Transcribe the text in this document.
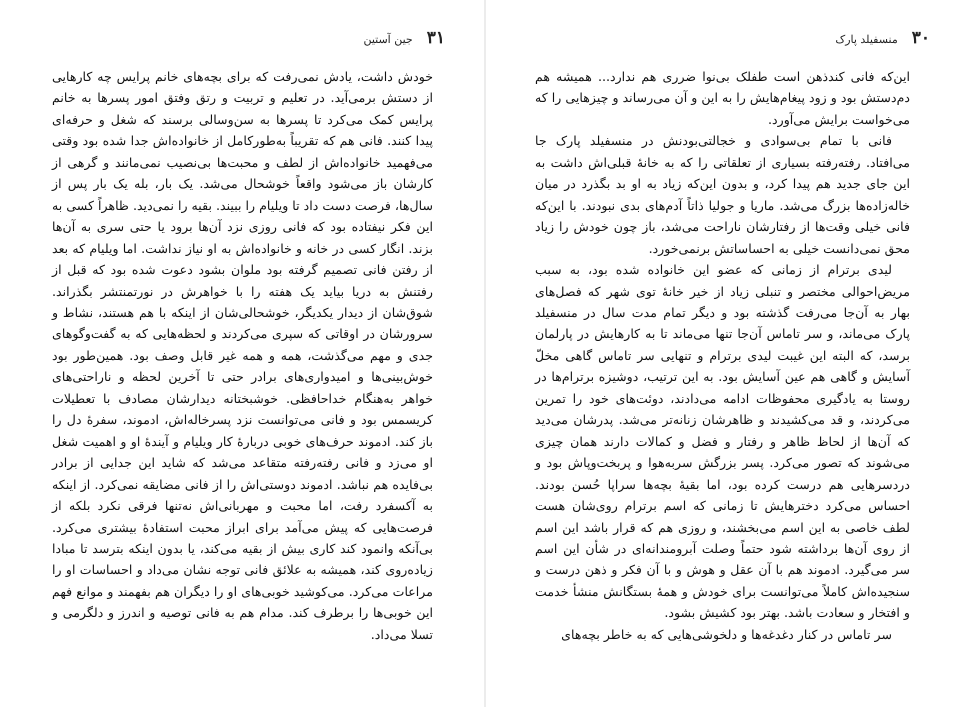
۳۱
جین آستین

خودش داشت، یادش نمی‌رفت که برای بچه‌های خانم پرایس چه کارهایی از دستش برمی‌آید. در تعلیم و تربیت و رتق وفتق امور پسرها به خانم پرایس کمک می‌کرد تا پسرها به سن‌وسالی برسند که شغل و حرفه‌ای پیدا کنند. فانی هم که تقریباً به‌طورکامل از خانواده‌اش جدا شده بود وقتی می‌فهمید خانواده‌اش از لطف و محبت‌ها بی‌نصیب نمی‌مانند و گرهی از کارشان باز می‌شود واقعاً خوشحال می‌شد. یک بار، بله یک بار پس از سال‌ها، فرصت دست داد تا ویلیام را ببیند. بقیه را نمی‌دید. ظاهراً کسی به این فکر نیفتاده بود که فانی روزی نزد آن‌ها برود یا حتی سری به آن‌ها بزند. انگار کسی در خانه و خانواده‌اش به او نیاز نداشت. اما ویلیام که بعد از رفتن فانی تصمیم گرفته بود ملوان بشود دعوت شده بود که قبل از رفتنش به دریا بیاید یک هفته را با خواهرش در نورتمنتشر بگذراند. شوق‌شان از دیدار یکدیگر، خوشحالی‌شان از اینکه با هم هستند، نشاط و سرورشان در اوقاتی که سپری می‌کردند و لحظه‌هایی که به گفت‌وگوهای جدی و مهم می‌گذشت، همه و همه غیر قابل وصف بود. همین‌طور بود خوش‌بینی‌ها و امیدواری‌های برادر حتی تا آخرین لحظه و ناراحتی‌های خواهر به‌هنگام خداحافظی. خوشبختانه دیدارشان مصادف با تعطیلات کریسمس بود و فانی می‌توانست نزد پسرخاله‌اش، ادموند، سفره‌ٔ دل را باز کند. ادموند حرف‌های خوبی درباره‌ٔ کار ویلیام و آینده‌ٔ او و اهمیت شغل او می‌زد و فانی رفته‌رفته متقاعد می‌شد که شاید این جدایی از برادر بی‌فایده هم نباشد. ادموند دوستی‌اش را از فانی مضایقه نمی‌کرد. از اینکه به آکسفرد رفت، اما محبت و مهربانی‌اش نه‌تنها فرقی نکرد بلکه از فرصت‌هایی که پیش می‌آمد برای ابراز محبت استفاده‌ٔ بیشتری می‌کرد. بی‌آنکه وانمود کند کاری بیش از بقیه می‌کند، یا بدون اینکه بترسد تا مبادا زیاده‌روی کند، همیشه به علائق فانی توجه نشان می‌داد و احساسات او را مراعات می‌کرد. می‌کوشید خوبی‌های او را دیگران هم بفهمند و موانع فهم این خوبی‌ها را برطرف کند. مدام هم به فانی توصیه و اندرز و دلگرمی و تسلا می‌داد.

۳۰
منسفیلد پارک

این‌که فانی کندذهن است طفلک بی‌نوا ضرری هم ندارد... همیشه هم دم‌دستش بود و زود پیغام‌هایش را به این و آن می‌رساند و چیزهایی را که می‌خواست برایش می‌آورد.

فانی با تمام بی‌سوادی و خجالتی‌بودنش در منسفیلد پارک جا می‌افتاد. رفته‌رفته بسیاری از تعلقاتی را که به خانه‌ٔ قبلی‌اش داشت به این جای جدید هم پیدا کرد، و بدون این‌که زیاد به او بد بگذرد در میان خاله‌زاده‌ها بزرگ می‌شد. ماریا و جولیا ذاتاً آدم‌های بدی نبودند. با این‌که فانی خیلی وقت‌ها از رفتارشان ناراحت می‌شد، باز چون خودش را زیاد محق نمی‌دانست خیلی به احساساتش برنمی‌خورد.

لیدی برترام از زمانی که عضو این خانواده شده بود، به سبب مریض‌احوالی مختصر و تنبلی زیاد از خیر خانه‌ٔ توی شهر که فصل‌های بهار به آن‌جا می‌رفت گذشته بود و دیگر تمام مدت سال در منسفیلد پارک می‌ماند، و سر تاماس آن‌جا تنها می‌ماند تا به کارهایش در پارلمان برسد، که البته این غیبت لیدی برترام و تنهایی سر تاماس گاهی مخلّ آسایش و گاهی هم عین آسایش بود. به این ترتیب، دوشیزه برترام‌ها در روستا به یادگیری محفوظات ادامه می‌دادند، دوئت‌های خود را تمرین می‌کردند، و قد می‌کشیدند و ظاهرشان زنانه‌تر می‌شد. پدرشان می‌دید که آن‌ها از لحاظ ظاهر و رفتار و فضل و کمالات دارند همان چیزی می‌شوند که تصور می‌کرد. پسر بزرگش سربه‌هوا و پربخت‌وپاش بود و دردسرهایی هم درست کرده بود، اما بقیه‌ٔ بچه‌ها سراپا حُسن بودند. احساس می‌کرد دخترهایش تا زمانی که اسم برترام روی‌شان هست لطف خاصی به این اسم می‌بخشند، و روزی هم که قرار باشد این اسم از روی آن‌ها برداشته شود حتماً وصلت آبرومندانه‌ای در شأن این اسم سر می‌گیرد. ادموند هم با آن عقل و هوش و با آن فکر و ذهن درست و سنجیده‌اش کاملاً می‌توانست برای خودش و همه‌ٔ بستگانش منشأ خدمت و افتخار و سعادت باشد. بهتر بود کشیش بشود.

سر تاماس در کنار دغدغه‌ها و دلخوشی‌هایی که به خاطر بچه‌های
